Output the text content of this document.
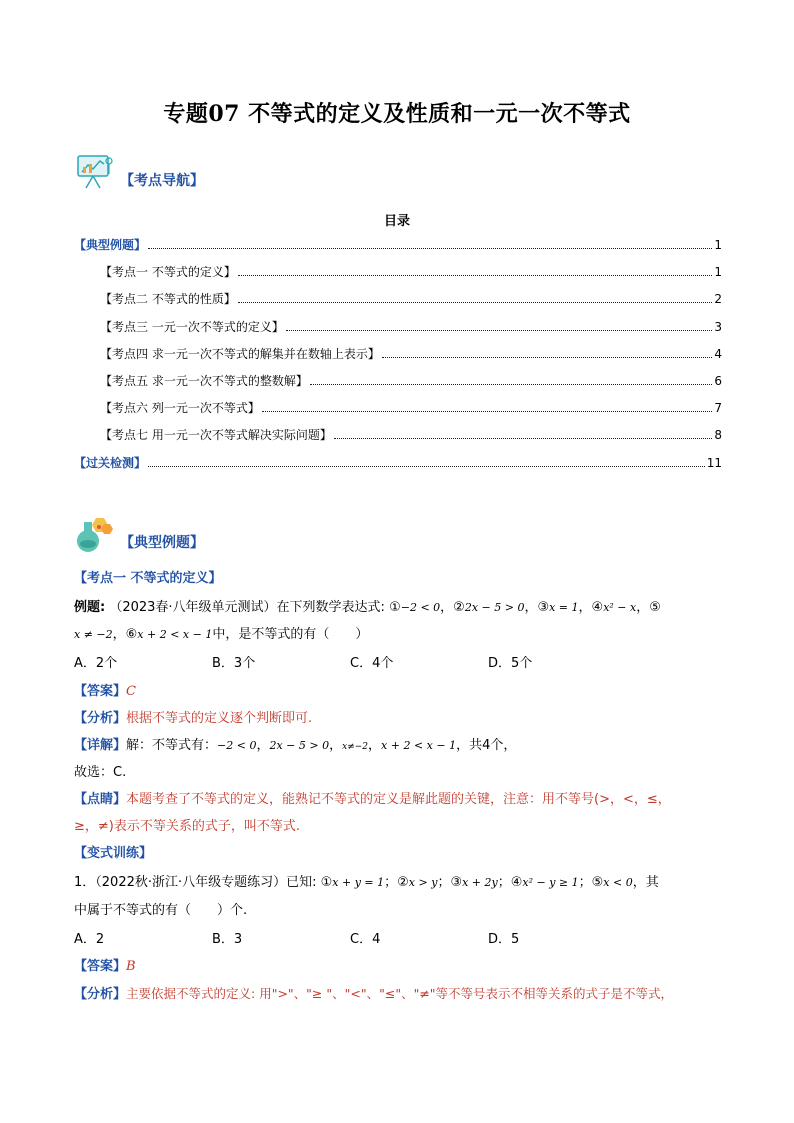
专题07 不等式的定义及性质和一元一次不等式
【考点导航】
目录
【典型例题】	1
【考点一 不等式的定义】	1
【考点二 不等式的性质】	2
【考点三 一元一次不等式的定义】	3
【考点四 求一元一次不等式的解集并在数轴上表示】	4
【考点五 求一元一次不等式的整数解】	6
【考点六 列一元一次不等式】	7
【考点七 用一元一次不等式解决实际问题】	8
【过关检测】	11
【典型例题】
【考点一 不等式的定义】
例题: （2023春·八年级单元测试）在下列数学表达式: ①−2 < 0，②2x − 5 > 0，③x = 1，④x² − x，⑤
x ≠ −2，⑥x + 2 < x − 1中，是不等式的有（　　）
A．2个	B．3个	C．4个	D．5个
【答案】C
【分析】根据不等式的定义逐个判断即可.
【详解】解：不等式有：−2 < 0，2x − 5 > 0，x≠−2，x + 2 < x − 1，共4个，
故选：C.
【点睛】本题考查了不等式的定义，能熟记不等式的定义是解此题的关键，注意：用不等号(>，<，≤，
≥，≠)表示不等关系的式子，叫不等式.
【变式训练】
1．（2022秋·浙江·八年级专题练习）已知: ①x + y = 1；②x > y；③x + 2y；④x² − y ≥ 1；⑤x < 0，其
中属于不等式的有（　　）个.
A．2	B．3	C．4	D．5
【答案】B
【分析】主要依据不等式的定义: 用">"、"≥ "、"<"、"≤"、"≠"等不等号表示不相等关系的式子是不等式，
